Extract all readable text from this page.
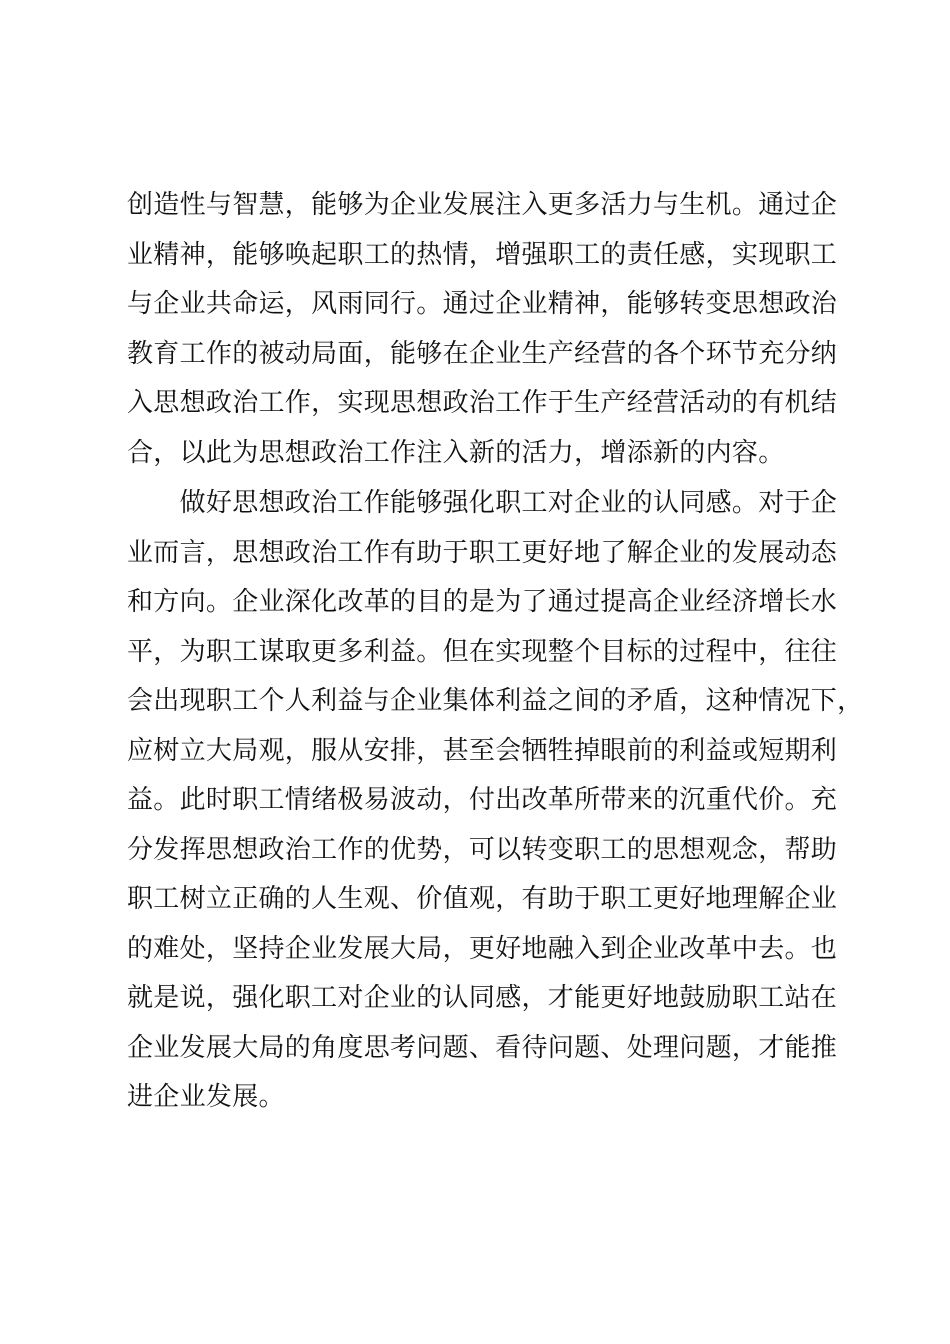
创造性与智慧，能够为企业发展注入更多活力与生机。通过企
业精神，能够唤起职工的热情，增强职工的责任感，实现职工
与企业共命运，风雨同行。通过企业精神，能够转变思想政治
教育工作的被动局面，能够在企业生产经营的各个环节充分纳
入思想政治工作，实现思想政治工作于生产经营活动的有机结
合，以此为思想政治工作注入新的活力，增添新的内容。
　　做好思想政治工作能够强化职工对企业的认同感。对于企
业而言，思想政治工作有助于职工更好地了解企业的发展动态
和方向。企业深化改革的目的是为了通过提高企业经济增长水
平，为职工谋取更多利益。但在实现整个目标的过程中，往往
会出现职工个人利益与企业集体利益之间的矛盾，这种情况下，
应树立大局观，服从安排，甚至会牺牲掉眼前的利益或短期利
益。此时职工情绪极易波动，付出改革所带来的沉重代价。充
分发挥思想政治工作的优势，可以转变职工的思想观念，帮助
职工树立正确的人生观、价值观，有助于职工更好地理解企业
的难处，坚持企业发展大局，更好地融入到企业改革中去。也
就是说，强化职工对企业的认同感，才能更好地鼓励职工站在
企业发展大局的角度思考问题、看待问题、处理问题，才能推
进企业发展。
